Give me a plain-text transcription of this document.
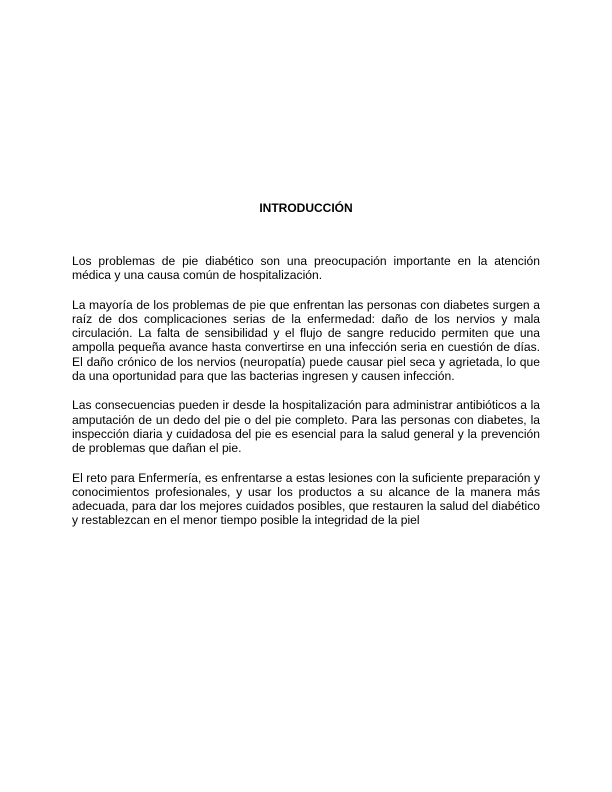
INTRODUCCIÓN

Los problemas de pie diabético son una preocupación importante en la atención médica y una causa común de hospitalización.

La mayoría de los problemas de pie que enfrentan las personas con diabetes surgen a raíz de dos complicaciones serias de la enfermedad: daño de los nervios y mala circulación. La falta de sensibilidad y el flujo de sangre reducido permiten que una ampolla pequeña avance hasta convertirse en una infección seria en cuestión de días. El daño crónico de los nervios (neuropatía) puede causar piel seca y agrietada, lo que da una oportunidad para que las bacterias ingresen y causen infección.

Las consecuencias pueden ir desde la hospitalización para administrar antibióticos a la amputación de un dedo del pie o del pie completo. Para las personas con diabetes, la inspección diaria y cuidadosa del pie es esencial para la salud general y la prevención de problemas que dañan el pie.

El reto para Enfermería, es enfrentarse a estas lesiones con la suficiente preparación y conocimientos profesionales, y usar los productos a su alcance de la manera más adecuada, para dar los mejores cuidados posibles, que restauren la salud del diabético y restablezcan en el menor tiempo posible la integridad de la piel
